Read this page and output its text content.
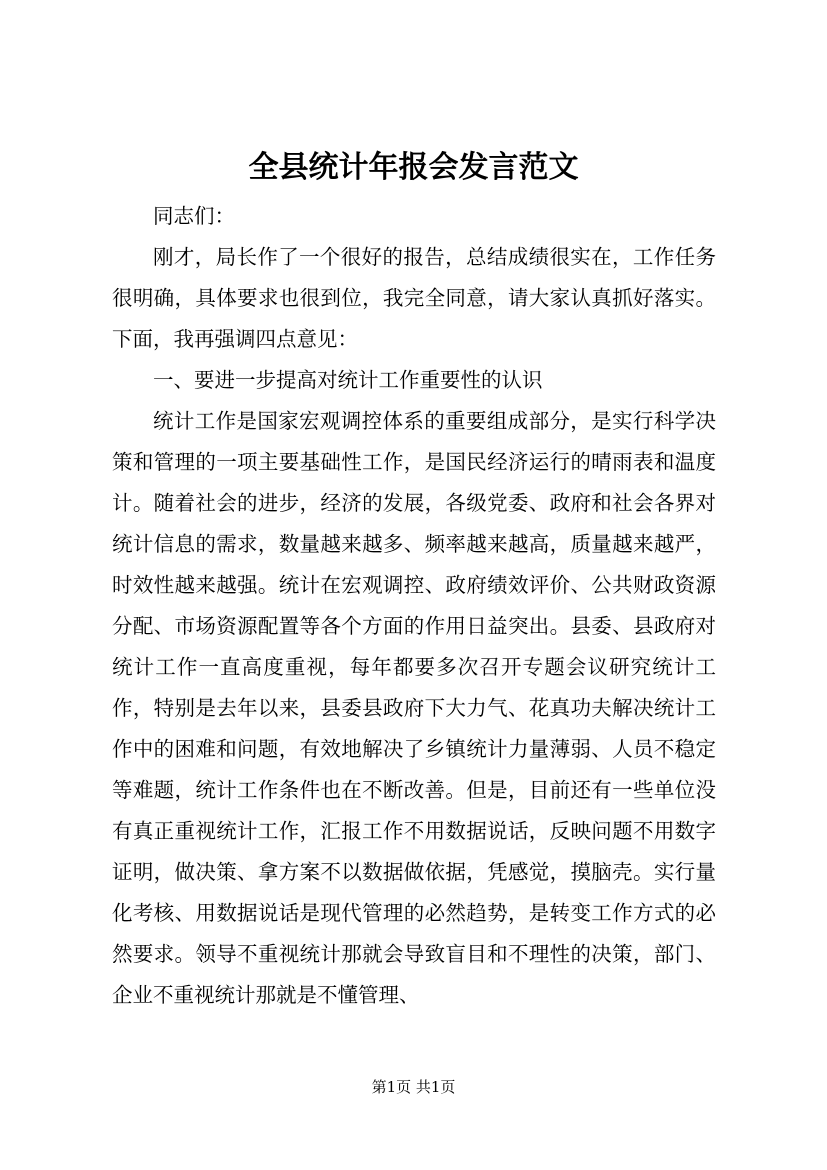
全县统计年报会发言范文

同志们：

刚才，局长作了一个很好的报告，总结成绩很实在，工作任务很明确，具体要求也很到位，我完全同意，请大家认真抓好落实。下面，我再强调四点意见：

一、要进一步提高对统计工作重要性的认识

统计工作是国家宏观调控体系的重要组成部分，是实行科学决策和管理的一项主要基础性工作，是国民经济运行的晴雨表和温度计。随着社会的进步，经济的发展，各级党委、政府和社会各界对统计信息的需求，数量越来越多、频率越来越高，质量越来越严，时效性越来越强。统计在宏观调控、政府绩效评价、公共财政资源分配、市场资源配置等各个方面的作用日益突出。县委、县政府对统计工作一直高度重视，每年都要多次召开专题会议研究统计工作，特别是去年以来，县委县政府下大力气、花真功夫解决统计工作中的困难和问题，有效地解决了乡镇统计力量薄弱、人员不稳定等难题，统计工作条件也在不断改善。但是，目前还有一些单位没有真正重视统计工作，汇报工作不用数据说话，反映问题不用数字证明，做决策、拿方案不以数据做依据，凭感觉，摸脑壳。实行量化考核、用数据说话是现代管理的必然趋势，是转变工作方式的必然要求。领导不重视统计那就会导致盲目和不理性的决策，部门、企业不重视统计那就是不懂管理、

第1页 共1页
